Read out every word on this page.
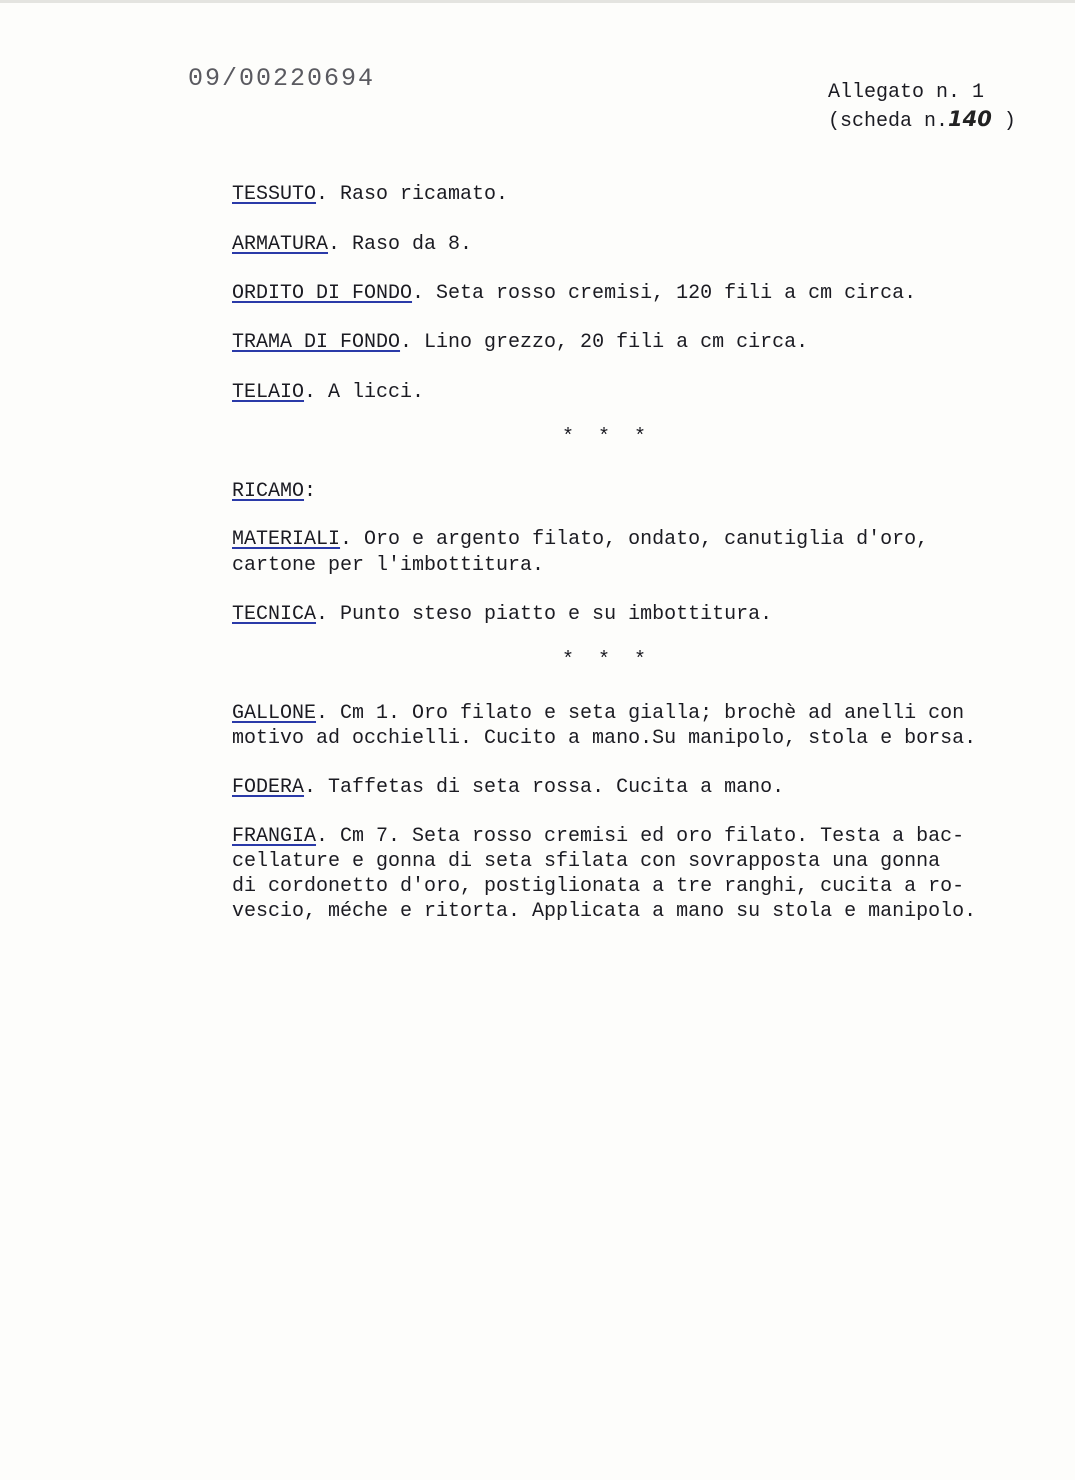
09/00220694	Allegato n. 1
(scheda n.140 )
TESSUTO. Raso ricamato.
ARMATURA. Raso da 8.
ORDITO DI FONDO. Seta rosso cremisi, 120 fili a cm circa.
TRAMA DI FONDO. Lino grezzo, 20 fili a cm circa.
TELAIO. A licci.
* * *
RICAMO:
MATERIALI. Oro e argento filato, ondato, canutiglia d'oro,
cartone per l'imbottitura.
TECNICA. Punto steso piatto e su imbottitura.
* * *
GALLONE. Cm 1. Oro filato e seta gialla; brochè ad anelli con
motivo ad occhielli. Cucito a mano.Su manipolo, stola e borsa.
FODERA. Taffetas di seta rossa. Cucita a mano.
FRANGIA. Cm 7. Seta rosso cremisi ed oro filato. Testa a bac-
cellature e gonna di seta sfilata con sovrapposta una gonna
di cordonetto d'oro, postiglionata a tre ranghi, cucita a ro-
vescio, méche e ritorta. Applicata a mano su stola e manipolo.
